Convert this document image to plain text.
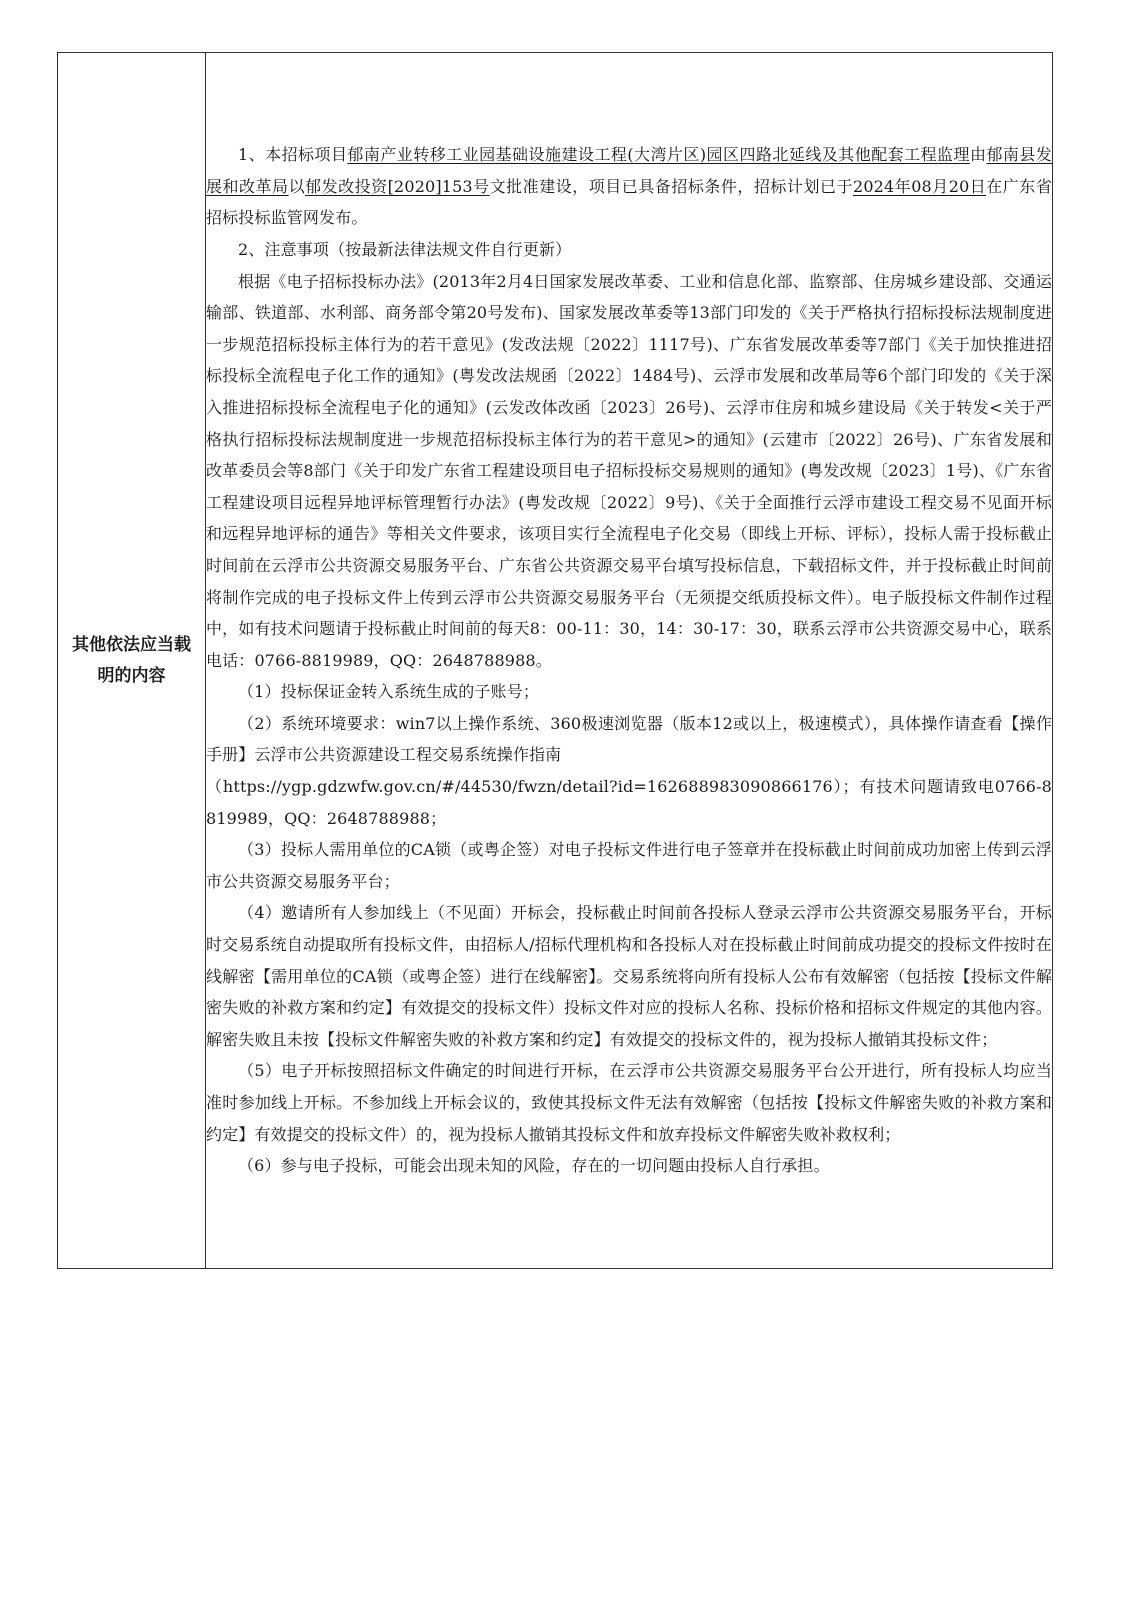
其他依法应当载明的内容	

1、本招标项目郁南产业转移工业园基础设施建设工程(大湾片区)园区四路北延线及其他配套工程监理由郁南县发展和改革局以郁发改投资[2020]153号文批准建设，项目已具备招标条件，招标计划已于2024年08月20日在广东省招标投标监管网发布。

2、注意事项（按最新法律法规文件自行更新）

根据《电子招标投标办法》(2013年2月4日国家发展改革委、工业和信息化部、监察部、住房城乡建设部、交通运输部、铁道部、水利部、商务部令第20号发布)、国家发展改革委等13部门印发的《关于严格执行招标投标法规制度进一步规范招标投标主体行为的若干意见》(发改法规〔2022〕1117号)、广东省发展改革委等7部门《关于加快推进招标投标全流程电子化工作的通知》(粤发改法规函〔2022〕1484号)、云浮市发展和改革局等6个部门印发的《关于深入推进招标投标全流程电子化的通知》(云发改体改函〔2023〕26号)、云浮市住房和城乡建设局《关于转发<关于严格执行招标投标法规制度进一步规范招标投标主体行为的若干意见>的通知》(云建市〔2022〕26号)、广东省发展和改革委员会等8部门《关于印发广东省工程建设项目电子招标投标交易规则的通知》(粤发改规〔2023〕1号)、《广东省工程建设项目远程异地评标管理暂行办法》(粤发改规〔2022〕9号)、《关于全面推行云浮市建设工程交易不见面开标和远程异地评标的通告》等相关文件要求，该项目实行全流程电子化交易（即线上开标、评标），投标人需于投标截止时间前在云浮市公共资源交易服务平台、广东省公共资源交易平台填写投标信息，下载招标文件，并于投标截止时间前将制作完成的电子投标文件上传到云浮市公共资源交易服务平台（无须提交纸质投标文件）。电子版投标文件制作过程中，如有技术问题请于投标截止时间前的每天8：00-11：30，14：30-17：30，联系云浮市公共资源交易中心，联系电话：0766-8819989，QQ：2648788988。

（1）投标保证金转入系统生成的子账号；

（2）系统环境要求：win7以上操作系统、360极速浏览器（版本12或以上，极速模式），具体操作请查看【操作手册】云浮市公共资源建设工程交易系统操作指南

（https://ygp.gdzwfw.gov.cn/#/44530/fwzn/detail?id=1626889830908661​76）；有技术问题请致电0766-8819989，QQ：2648788988；

（3）投标人需用单位的CA锁（或粤企签）对电子投标文件进行电子签章并在投标截止时间前成功加密上传到云浮市公共资源交易服务平台；

（4）邀请所有人参加线上（不见面）开标会，投标截止时间前各投标人登录云浮市公共资源交易服务平台，开标时交易系统自动提取所有投标文件，由招标人/招标代理机构和各投标人对在投标截止时间前成功提交的投标文件按时在线解密【需用单位的CA锁（或粤企签）进行在线解密】。交易系统将向所有投标人公布有效解密（包括按【投标文件解密失败的补救方案和约定】有效提交的投标文件）投标文件对应的投标人名称、投标价格和招标文件规定的其他内容。解密失败且未按【投标文件解密失败的补救方案和约定】有效提交的投标文件的，视为投标人撤销其投标文件；

（5）电子开标按照招标文件确定的时间进行开标，在云浮市公共资源交易服务平台公开进行，所有投标人均应当准时参加线上开标。不参加线上开标会议的，致使其投标文件无法有效解密（包括按【投标文件解密失败的补救方案和约定】有效提交的投标文件）的，视为投标人撤销其投标文件和放弃投标文件解密失败补救权利；

（6）参与电子投标，可能会出现未知的风险，存在的一切问题由投标人自行承担。
